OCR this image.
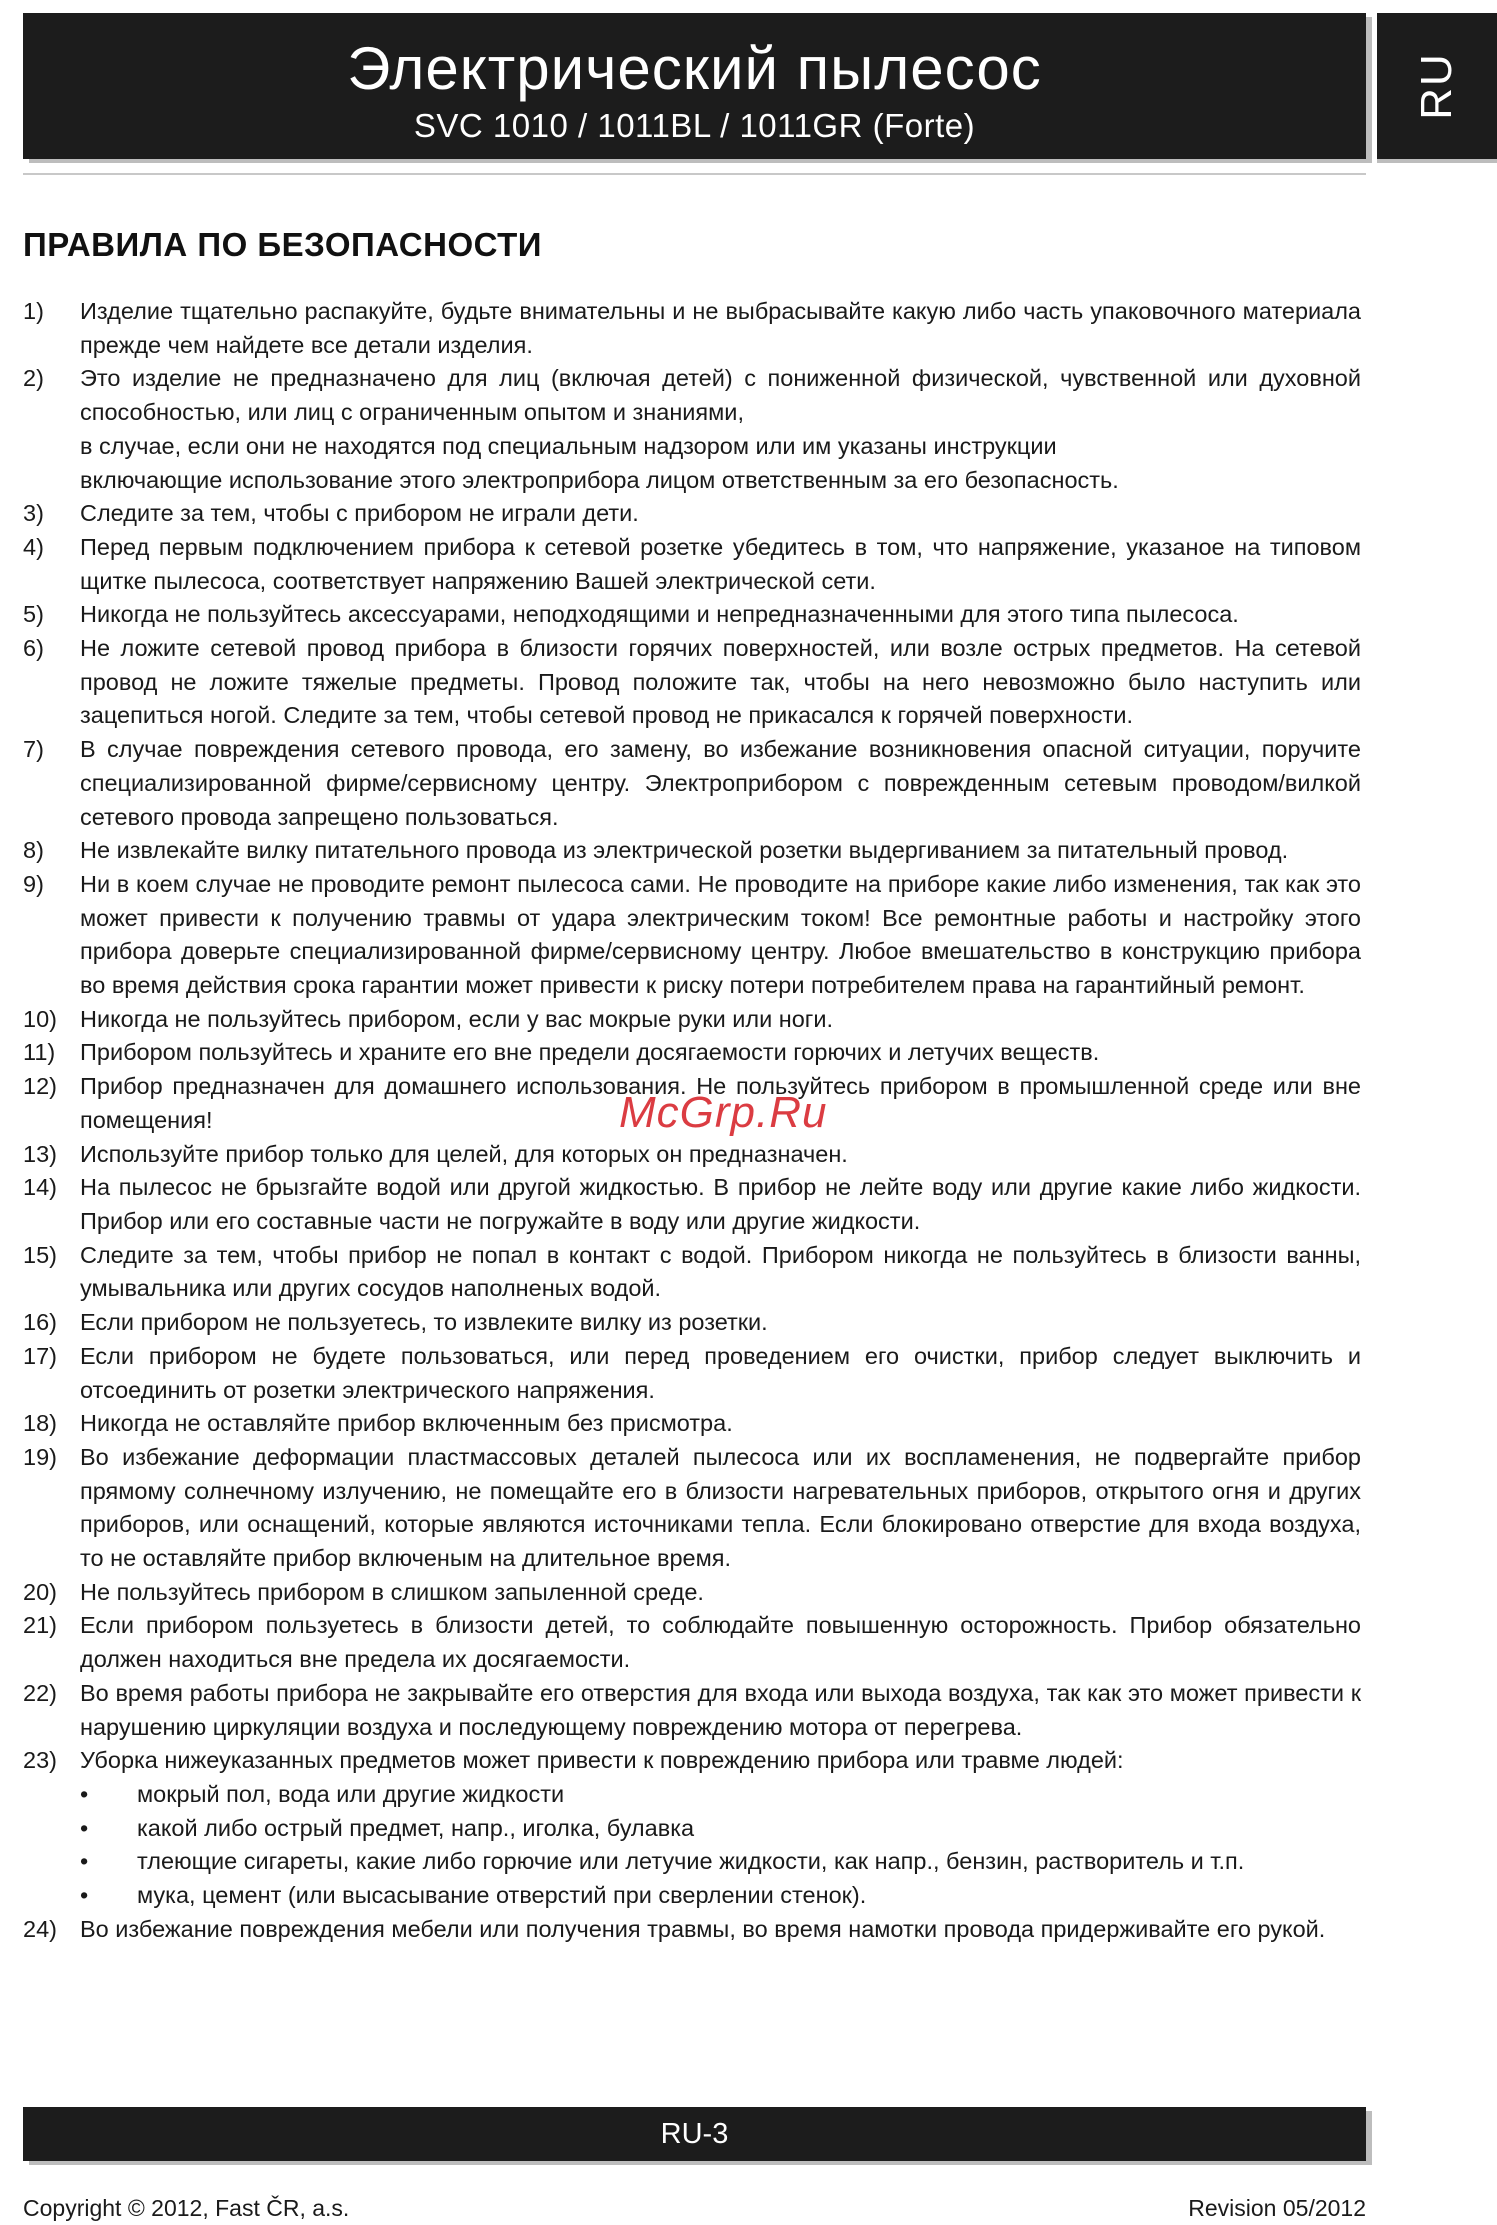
Электрический пылесос
SVC 1010 / 1011BL / 1011GR (Forte)
RU
ПРАВИЛА ПО БЕЗОПАСНОСТИ
1)	Изделие тщательно распакуйте, будьте внимательны и не выбрасывайте какую либо часть упаковочного материала прежде чем найдете все детали изделия.

2)	Это изделие не предназначено для лиц (включая детей) с пониженной физической, чувственной или духовной способностью, или лиц с ограниченным опытом и знаниями,

в случае, если они не находятся под специальным надзором или им указаны инструкции

включающие использование этого электроприбора лицом ответственным за его безопасность.

3)	Следите за тем, чтобы с прибором не играли дети.

4)	Перед первым подключением прибора к сетевой розетке убедитесь в том, что напряжение, указаное на типовом щитке пылесоса, соответствует напряжению Вашей электрической сети.

5)	Никогда не пользуйтесь аксессуарами, неподходящими и непредназначенными для этого типа пылесоса.

6)	Не ложите сетевой провод прибора в близости горячих поверхностей, или возле острых предметов. На сетевой провод не ложите тяжелые предметы. Провод положите так, чтобы на него невозможно было наступить или зацепиться ногой. Следите за тем, чтобы сетевой провод не прикасался к горячей поверхности.

7)	В случае повреждения сетевого провода, его замену, во избежание возникновения опасной ситуации, поручите специализированной фирме/сервисному центру. Электроприбором с поврежденным сетевым проводом/вилкой сетевого провода запрещено пользоваться.

8)	Не извлекайте вилку питательного провода из электрической розетки выдергиванием за питательный провод.

9)	Ни в коем случае не проводите ремонт пылесоса сами. Не проводите на приборе какие либо изменения, так как это может привести к получению травмы от удара электрическим током! Все ремонтные работы и настройку этого прибора доверьте специализированной фирме/сервисному центру. Любое вмешательство в конструкцию прибора во время действия срока гарантии может привести к риску потери потребителем права на гарантийный ремонт.

10) Никогда не пользуйтесь прибором, если у вас мокрые руки или ноги.

11)	Прибором пользуйтесь и храните его вне предели досягаемости горючих и летучих веществ.

12) Прибор предназначен для домашнего использования. Не пользуйтесь прибором в промышленной среде или вне помещения!

13) Используйте прибор только для целей, для которых он предназначен.

14) На пылесос не брызгайте водой или другой жидкостью. В прибор не лейте воду или другие какие либо жидкости. Прибор или его составные части не погружайте в воду или другие жидкости.

15) Следите за тем, чтобы прибор не попал в контакт с водой. Прибором никогда не пользуйтесь в близости ванны, умывальника или других сосудов наполненых водой.

16) Если прибором не пользуетесь, то извлеките вилку из розетки.

17) Если прибором не будете пользоваться, или перед проведением его очистки, прибор следует выключить и отсоединить от розетки электрического напряжения.

18) Никогда не оставляйте прибор включенным без присмотра.

19) Во избежание деформации пластмассовых деталей пылесоса или их воспламенения, не подвергайте прибор прямому солнечному излучению, не помещайте его в близости нагревательных приборов, открытого огня и других приборов, или оснащений, которые являются источниками тепла. Если блокировано отверстие для входа воздуха, то не оставляйте прибор включеным на длительное время.

20) Не пользуйтесь прибором в слишком запыленной среде.

21) Если прибором пользуетесь в близости детей, то соблюдайте повышенную осторожность. Прибор обязательно должен находиться вне предела их досягаемости.

22) Во время работы прибора не закрывайте его отверстия для входа или выхода воздуха, так как это может привести к нарушению циркуляции воздуха и последующему повреждению мотора от перегрева.

23) Уборка нижеуказанных предметов может привести к повреждению прибора или травме людей:

•	мокрый пол, вода или другие жидкости
•	какой либо острый предмет, напр., иголка, булавка
•	тлеющие сигареты, какие либо горючие или летучие жидкости, как напр., бензин, растворитель и т.п.
•	мука, цемент (или высасывание отверстий при сверлении стенок).
24) Во избежание повреждения мебели или получения травмы, во время намотки провода придерживайте его рукой.

McGrp.Ru
RU-3
Copyright © 2012, Fast ČR, a.s.	Revision 05/2012
